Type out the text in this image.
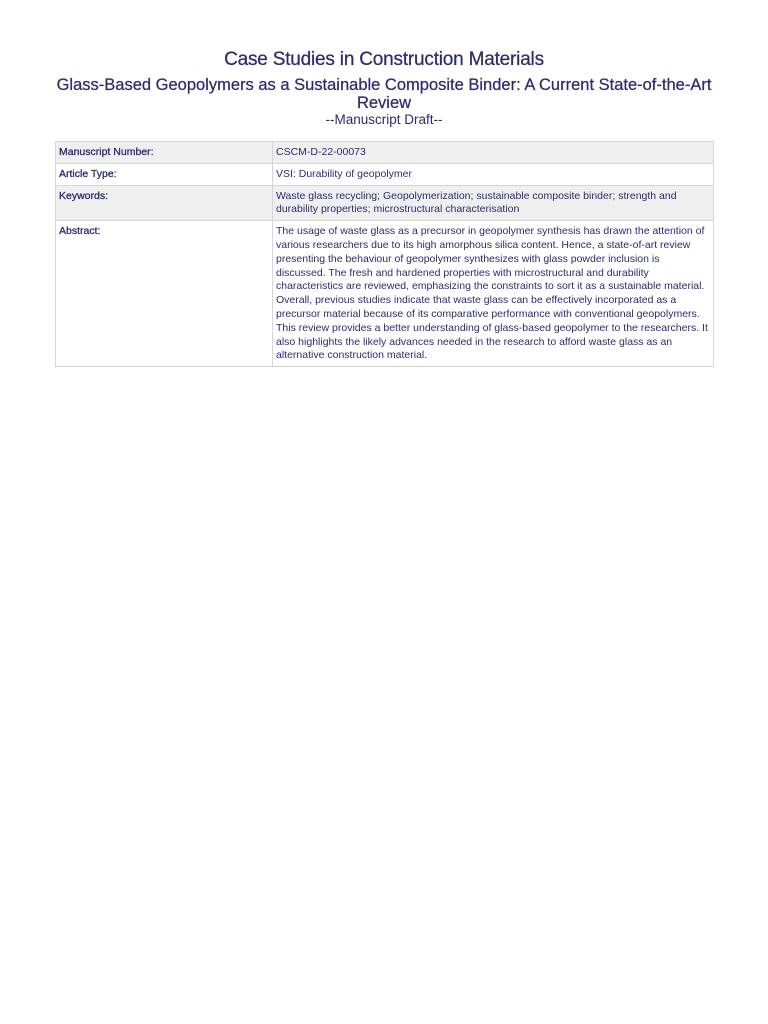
Case Studies in Construction Materials
Glass-Based Geopolymers as a Sustainable Composite Binder: A Current State-of-the-Art Review
--Manuscript Draft--
Manuscript Number:	CSCM-D-22-00073
Article Type:	VSI: Durability of geopolymer
Keywords:	Waste glass recycling; Geopolymerization; sustainable composite binder; strength and durability properties; microstructural characterisation
Abstract:	The usage of waste glass as a precursor in geopolymer synthesis has drawn the attention of various researchers due to its high amorphous silica content. Hence, a state-of-art review presenting the behaviour of geopolymer synthesizes with glass powder inclusion is discussed. The fresh and hardened properties with microstructural and durability characteristics are reviewed, emphasizing the constraints to sort it as a sustainable material. Overall, previous studies indicate that waste glass can be effectively incorporated as a precursor material because of its comparative performance with conventional geopolymers. This review provides a better understanding of glass-based geopolymer to the researchers. It also highlights the likely advances needed in the research to afford waste glass as an alternative construction material.
